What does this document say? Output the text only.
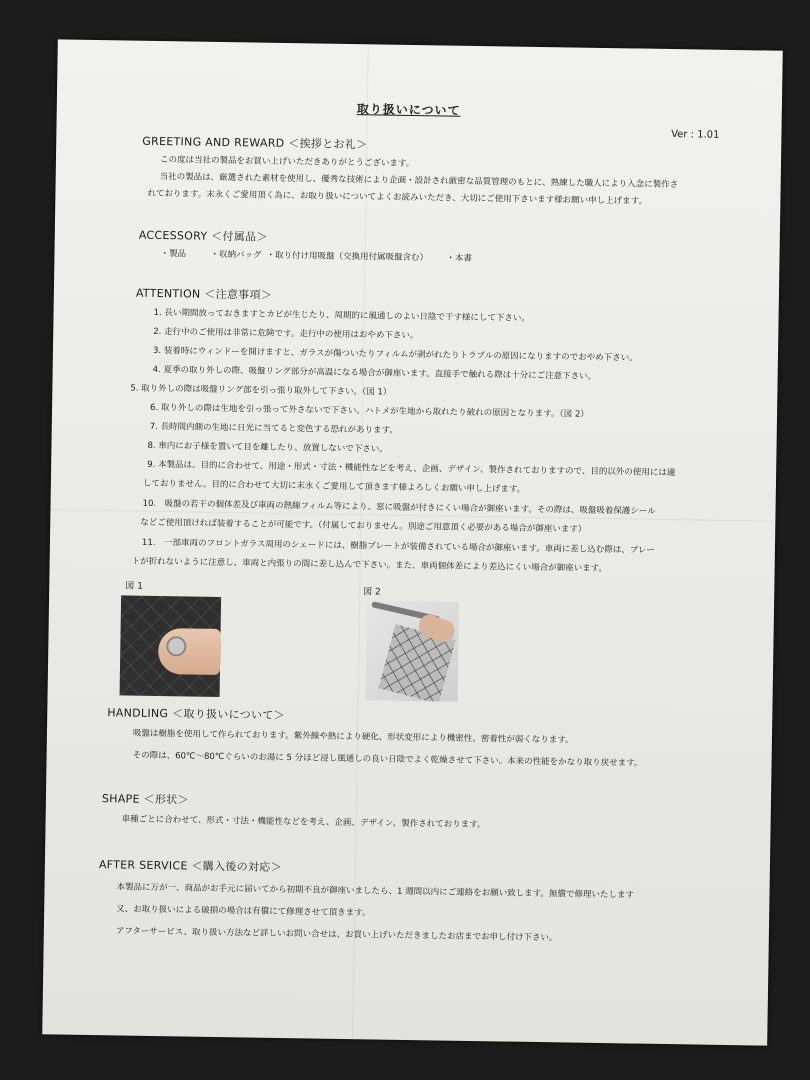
取り扱いについて
Ver : 1.01
GREETING AND REWARD ＜挨拶とお礼＞
この度は当社の製品をお買い上げいただきありがとうございます。
当社の製品は、厳選された素材を使用し、優秀な技術により企画・設計され厳密な品質管理のもとに、熟練した職人により入念に製作さ
れております。末永くご愛用頂く為に、お取り扱いについてよくお読みいただき、大切にご使用下さいます様お願い申し上げます。
ACCESSORY ＜付属品＞
・製品	・収納バッグ ・取り付け用吸盤（交換用付属吸盤含む） ・本書
ATTENTION ＜注意事項＞
1. 長い期間放っておきますとカビが生じたり、周期的に風通しのよい日陰で干す様にして下さい。
2. 走行中のご使用は非常に危険です。走行中の使用はおやめ下さい。
3. 装着時にウィンドーを開けますと、ガラスが傷ついたりフィルムが剥がれたりトラブルの原因になりますのでおやめ下さい。
4. 夏季の取り外しの際、吸盤リング部分が高温になる場合が御座います。直接手で触れる際は十分にご注意下さい。
5. 取り外しの際は吸盤リング部を引っ張り取外して下さい。（図 1）
6. 取り外しの際は生地を引っ張って外さないで下さい。ハトメが生地から取れたり破れの原因となります。（図 2）
7. 長時間内側の生地に日光に当てると変色する恐れがあります。
8. 車内にお子様を置いて目を離したり、放置しないで下さい。
9. 本製品は、目的に合わせて、用途・形式・寸法・機能性などを考え、企画、デザイン、製作されておりますので、目的以外の使用には適
しておりません。目的に合わせて大切に末永くご愛用して頂きます様よろしくお願い申し上げます。
10.　吸盤の若干の個体差及び車両の熱線フィルム等により、窓に吸盤が付きにくい場合が御座います。その際は、吸盤吸着保護シール
などご使用頂ければ装着することが可能です。（付属しておりません。別途ご用意頂く必要がある場合が御座います）
11.　一部車両のフロントガラス周用のシェードには、樹脂プレートが装備されている場合が御座います。車両に差し込む際は、プレー
トが折れないように注意し、車両と内張りの間に差し込んで下さい。また、車両個体差により差込にくい場合が御座います。
図 1
図 2
HANDLING ＜取り扱いについて＞
吸盤は樹脂を使用して作られております。紫外線や熱により硬化、形状変形により機密性、密着性が弱くなります。
その際は、60℃～80℃ぐらいのお湯に 5 分ほど浸し風通しの良い日陰でよく乾燥させて下さい。本来の性能をかなり取り戻せます。
SHAPE ＜形状＞
車種ごとに合わせて、形式・寸法・機能性などを考え、企画、デザイン、製作されております。
AFTER SERVICE ＜購入後の対応＞
本製品に万が一、商品がお手元に届いてから初期不良が御座いましたら、1 週間以内にご連絡をお願い致します。無償で修理いたします
又、お取り扱いによる破損の場合は有償にて修理させて頂きます。
アフターサービス、取り扱い方法など詳しいお問い合せは、お買い上げいただきましたお店までお申し付け下さい。
